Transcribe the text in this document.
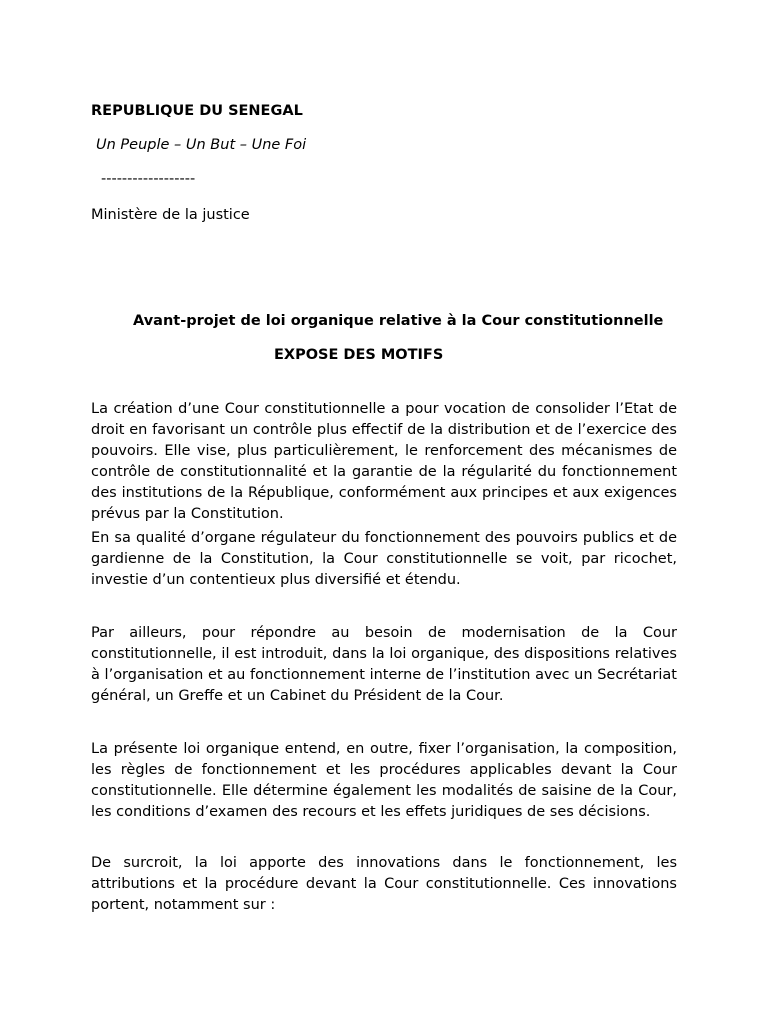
REPUBLIQUE DU SENEGAL
Un Peuple – Un But – Une Foi
------------------
Ministère de la justice
Avant-projet de loi organique relative à la Cour constitutionnelle
EXPOSE DES MOTIFS

La création d’une Cour constitutionnelle a pour vocation de consolider l’Etat de droit en favorisant un contrôle plus effectif de la distribution et de l’exercice des pouvoirs. Elle vise, plus particulièrement, le renforcement des mécanismes de contrôle de constitutionnalité et la garantie de la régularité du fonctionnement des institutions de la République, conformément aux principes et aux exigences prévus par la Constitution.

En sa qualité d’organe régulateur du fonctionnement des pouvoirs publics et de gardienne de la Constitution, la Cour constitutionnelle se voit, par ricochet, investie d’un contentieux plus diversifié et étendu.

Par ailleurs, pour répondre au besoin de modernisation de la Cour constitutionnelle, il est introduit, dans la loi organique, des dispositions relatives à l’organisation et au fonctionnement interne de l’institution avec un Secrétariat général, un Greffe et un Cabinet du Président de la Cour.

La présente loi organique entend, en outre, fixer l’organisation, la composition, les règles de fonctionnement et les procédures applicables devant la Cour constitutionnelle. Elle détermine également les modalités de saisine de la Cour, les conditions d’examen des recours et les effets juridiques de ses décisions.

De surcroit, la loi apporte des innovations dans le fonctionnement, les attributions et la procédure devant la Cour constitutionnelle. Ces innovations portent, notamment sur :
